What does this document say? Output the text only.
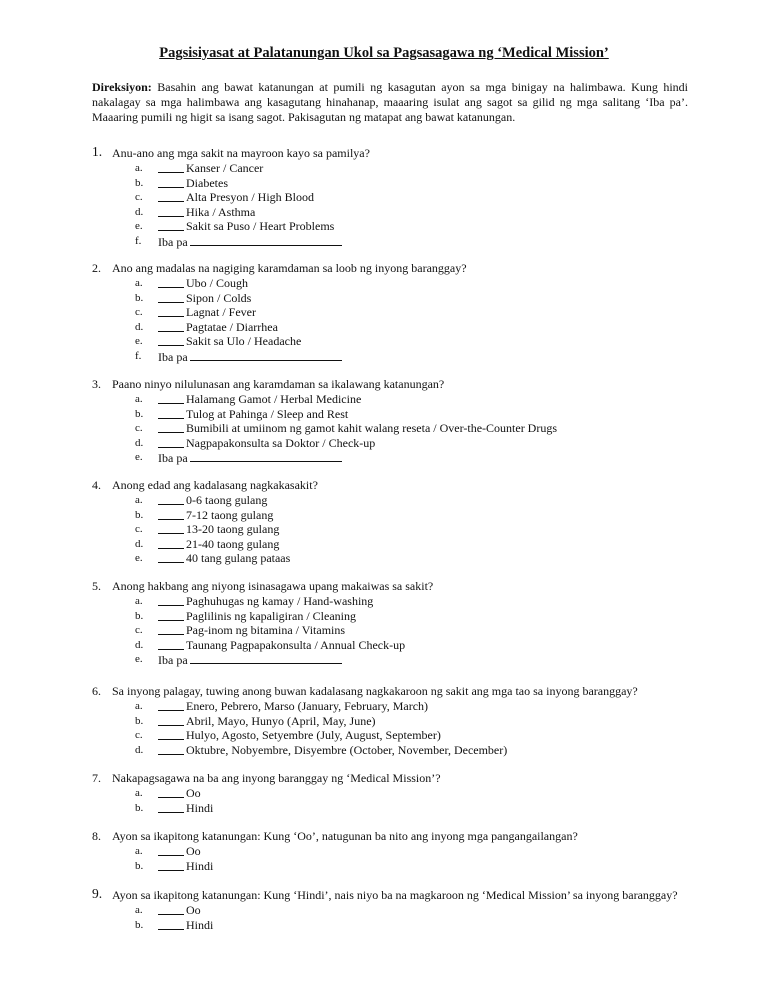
Pagsisiyasat at Palatanungan Ukol sa Pagsasagawa ng ‘Medical Mission’
Direksiyon: Basahin ang bawat katanungan at pumili ng kasagutan ayon sa mga binigay na halimbawa. Kung hindi nakalagay sa mga halimbawa ang kasagutang hinahanap, maaaring isulat ang sagot sa gilid ng mga salitang ‘Iba pa’. Maaaring pumili ng higit sa isang sagot. Pakisagutan ng matapat ang bawat katanungan.
1. Anu-ano ang mga sakit na mayroon kayo sa pamilya?
a.	Kanser / Cancer
b.	Diabetes
c.	Alta Presyon / High Blood
d.	Hika / Asthma
e.	Sakit sa Puso / Heart Problems
f. Iba pa
2. Ano ang madalas na nagiging karamdaman sa loob ng inyong baranggay?
a.	Ubo / Cough
b.	Sipon / Colds
c.	Lagnat / Fever
d.	Pagtatae / Diarrhea
e.	Sakit sa Ulo / Headache
f. Iba pa
3. Paano ninyo nilulunasan ang karamdaman sa ikalawang katanungan?
a.	Halamang Gamot / Herbal Medicine
b.	Tulog at Pahinga / Sleep and Rest
c.	Bumibili at umiinom ng gamot kahit walang reseta / Over-the-Counter Drugs
d.	Nagpapakonsulta sa Doktor / Check-up
e. Iba pa
4. Anong edad ang kadalasang nagkakasakit?
a.	0-6 taong gulang
b.	7-12 taong gulang
c.	13-20 taong gulang
d.	21-40 taong gulang
e.	40 tang gulang pataas
5. Anong hakbang ang niyong isinasagawa upang makaiwas sa sakit?
a.	Paghuhugas ng kamay / Hand-washing
b.	Paglilinis ng kapaligiran / Cleaning
c.	Pag-inom ng bitamina / Vitamins
d.	Taunang Pagpapakonsulta / Annual Check-up
e. Iba pa
6. Sa inyong palagay, tuwing anong buwan kadalasang nagkakaroon ng sakit ang mga tao sa inyong baranggay?
a.	Enero, Pebrero, Marso (January, February, March)
b.	Abril, Mayo, Hunyo (April, May, June)
c.	Hulyo, Agosto, Setyembre (July, August, September)
d.	Oktubre, Nobyembre, Disyembre (October, November, December)
7. Nakapagsagawa na ba ang inyong baranggay ng ‘Medical Mission’?
a.	Oo
b.	Hindi
8. Ayon sa ikapitong katanungan: Kung ‘Oo’, natugunan ba nito ang inyong mga pangangailangan?
a.	Oo
b.	Hindi
9. Ayon sa ikapitong katanungan: Kung ‘Hindi’, nais niyo ba na magkaroon ng ‘Medical Mission’ sa inyong baranggay?
a.	Oo
b.	Hindi
